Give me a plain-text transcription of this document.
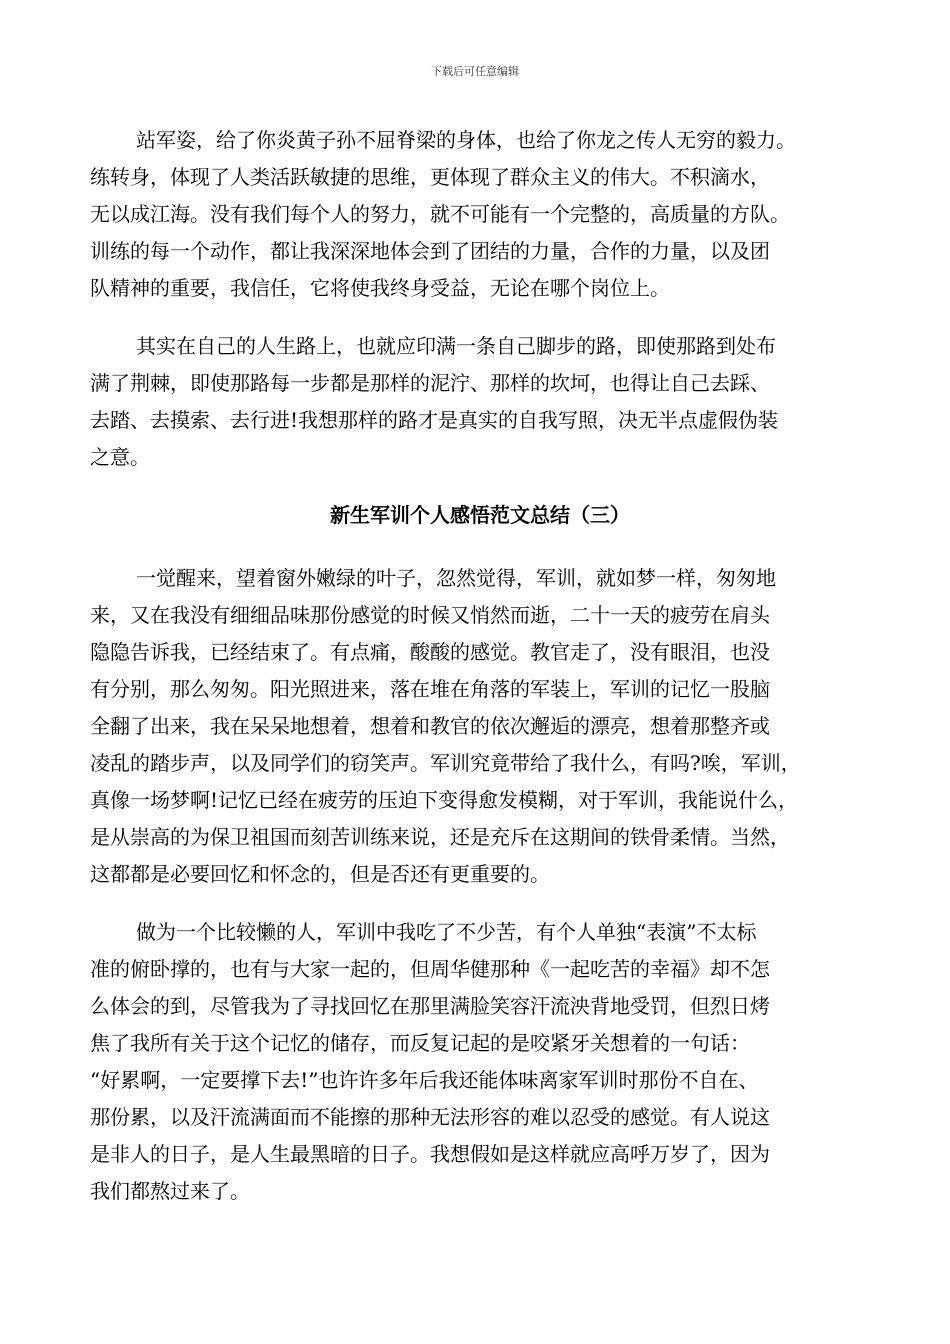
下载后可任意编辑
站军姿，给了你炎黄子孙不屈脊梁的身体，也给了你龙之传人无穷的毅力。
练转身，体现了人类活跃敏捷的思维，更体现了群众主义的伟大。不积滴水，
无以成江海。没有我们每个人的努力，就不可能有一个完整的，高质量的方队。
训练的每一个动作，都让我深深地体会到了团结的力量，合作的力量，以及团
队精神的重要，我信任，它将使我终身受益，无论在哪个岗位上。
其实在自己的人生路上，也就应印满一条自己脚步的路，即使那路到处布
满了荆棘，即使那路每一步都是那样的泥泞、那样的坎坷，也得让自己去踩、
去踏、去摸索、去行进!我想那样的路才是真实的自我写照，决无半点虚假伪装
之意。
新生军训个人感悟范文总结（三）
一觉醒来，望着窗外嫩绿的叶子，忽然觉得，军训，就如梦一样，匆匆地
来，又在我没有细细品味那份感觉的时候又悄然而逝，二十一天的疲劳在肩头
隐隐告诉我，已经结束了。有点痛，酸酸的感觉。教官走了，没有眼泪，也没
有分别，那么匆匆。阳光照进来，落在堆在角落的军装上，军训的记忆一股脑
全翻了出来，我在呆呆地想着，想着和教官的依次邂逅的漂亮，想着那整齐或
凌乱的踏步声，以及同学们的窃笑声。军训究竟带给了我什么，有吗?唉，军训，
真像一场梦啊!记忆已经在疲劳的压迫下变得愈发模糊，对于军训，我能说什么，
是从崇高的为保卫祖国而刻苦训练来说，还是充斥在这期间的铁骨柔情。当然，
这都都是必要回忆和怀念的，但是否还有更重要的。
做为一个比较懒的人，军训中我吃了不少苦，有个人单独“表演”不太标
准的俯卧撑的，也有与大家一起的，但周华健那种《一起吃苦的幸福》却不怎
么体会的到，尽管我为了寻找回忆在那里满脸笑容汗流泱背地受罚，但烈日烤
焦了我所有关于这个记忆的储存，而反复记起的是咬紧牙关想着的一句话：
“好累啊，一定要撑下去!”也许许多年后我还能体味离家军训时那份不自在、
那份累，以及汗流满面而不能擦的那种无法形容的难以忍受的感觉。有人说这
是非人的日子，是人生最黑暗的日子。我想假如是这样就应高呼万岁了，因为
我们都熬过来了。
